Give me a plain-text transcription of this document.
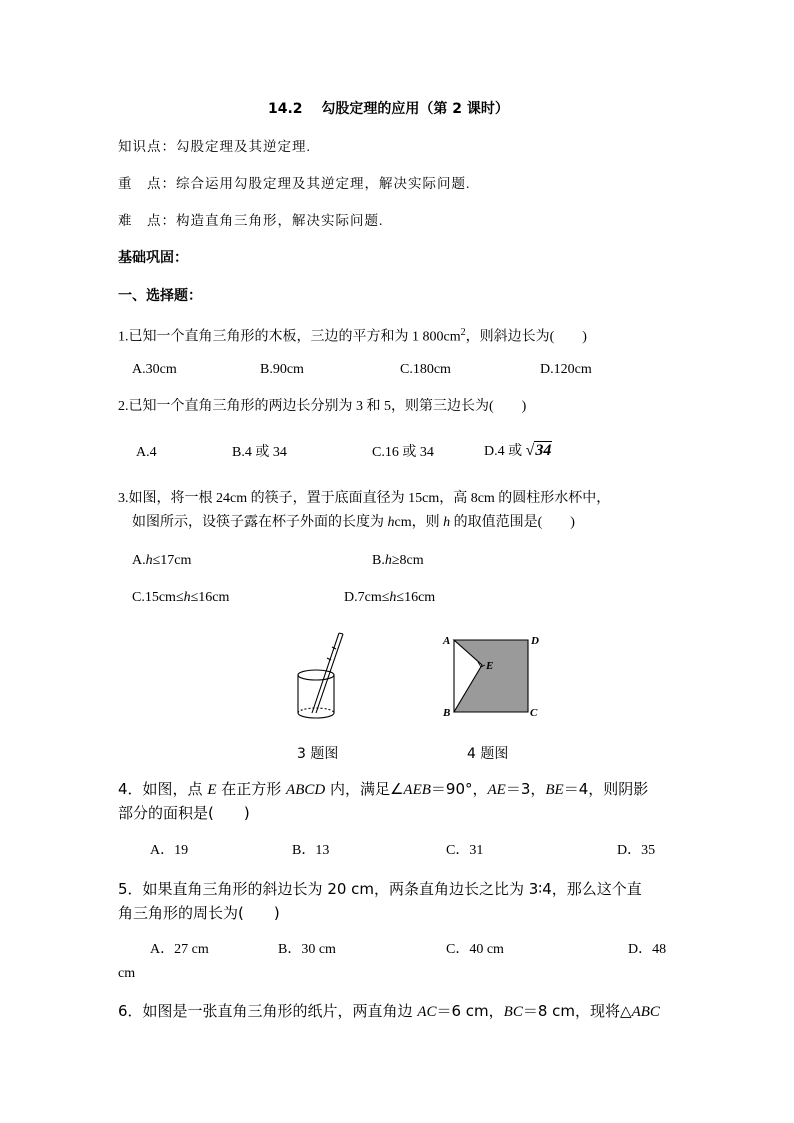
14.2　 勾股定理的应用（第 2 课时）
知识点：勾股定理及其逆定理.
重　点：综合运用勾股定理及其逆定理，解决实际问题.
难　点：构造直角三角形，解决实际问题.
基础巩固：
一、选择题：
1.已知一个直角三角形的木板，三边的平方和为 1 $800cm^2$，则斜边长为(　　)
A.30cm	B.90cm	C.180cm	D.120cm
2.已知一个直角三角形的两边长分别为 3 和 5，则第三边长为(　　)
A.4	B.4 或 34	C.16 或 34	D.4 或 √34
3.如图，将一根 24cm 的筷子，置于底面直径为 15cm，高 8cm 的圆柱形水杯中，
如图所示，设筷子露在杯子外面的长度为 hcm，则 h 的取值范围是(　　)
A.h≤17cm	B.h≥8cm
C.15cm≤h≤16cm	D.7cm≤h≤16cm
A	D
B	C
E
3 题图	4 题图
4．如图，点 E 在正方形 ABCD 内，满足∠AEB＝90°，AE＝3，BE＝4，则阴影
部分的面积是(　　)
A．19	B．13	C．31	D．35
5．如果直角三角形的斜边长为 20 cm，两条直角边长之比为 3∶4，那么这个直
角三角形的周长为(　　)
A．27 cm	B．30 cm	C．40 cm	D．48
cm
6．如图是一张直角三角形的纸片，两直角边 AC＝6 cm，BC＝8 cm，现将△ABC
